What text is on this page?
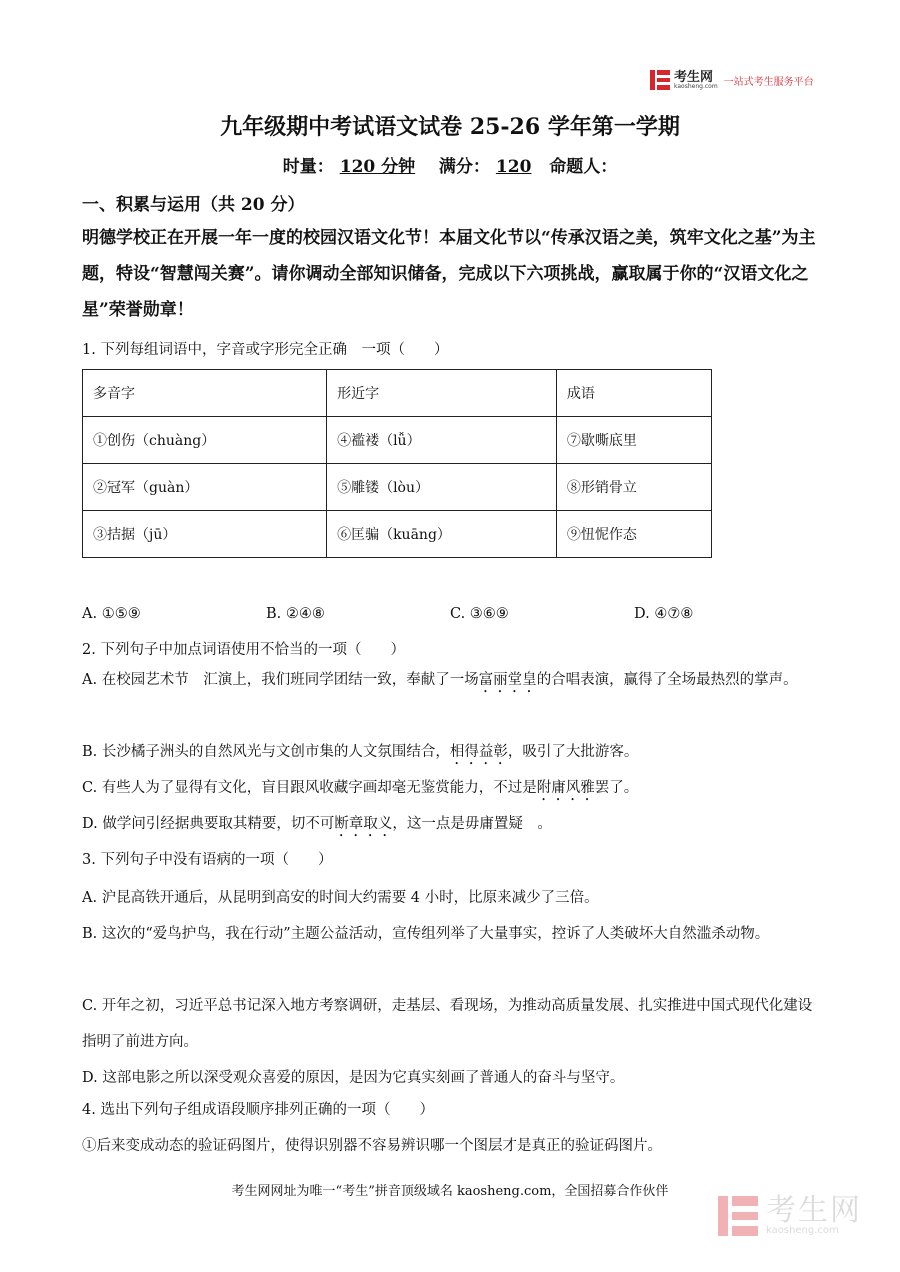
考生网
kaosheng.com 一站式考生服务平台
九年级期中考试语文试卷 25-26 学年第一学期
时量： 120 分钟 满分： 120 命题人：
一、积累与运用（共 20 分）
明德学校正在开展一年一度的校园汉语文化节！本届文化节以“传承汉语之美，筑牢文化之基”为主题，特设“智慧闯关赛”。请你调动全部知识储备，完成以下六项挑战，赢取属于你的“汉语文化之星”荣誉勋章！
1. 下列每组词语中，字音或字形完全正确　一项（　　）
多音字	形近字	成语
①创伤（chuàng）	④褴褛（lǚ）	⑦歇嘶底里
②冠军（guàn）	⑤雕镂（lòu）	⑧形销骨立
③拮据（jū）	⑥匡骗（kuāng）	⑨忸怩作态
A. ①⑤⑨	B. ②④⑧	C. ③⑥⑨	D. ④⑦⑧
2. 下列句子中加点词语使用不恰当的一项（　　）
A. 在校园艺术节　汇演上，我们班同学团结一致，奉献了一场富丽堂皇的合唱表演，赢得了全场最热烈的掌声。
B. 长沙橘子洲头的自然风光与文创市集的人文氛围结合，相得益彰，吸引了大批游客。
C. 有些人为了显得有文化，盲目跟风收藏字画却毫无鉴赏能力，不过是附庸风雅罢了。
D. 做学问引经据典要取其精要，切不可断章取义，这一点是毋庸置疑　。
3. 下列句子中没有语病的一项（　　）
A. 沪昆高铁开通后，从昆明到高安的时间大约需要 4 小时，比原来减少了三倍。
B. 这次的“爱鸟护鸟，我在行动”主题公益活动，宣传组列举了大量事实，控诉了人类破坏大自然滥杀动物。
C. 开年之初，习近平总书记深入地方考察调研，走基层、看现场，为推动高质量发展、扎实推进中国式现代化建设指明了前进方向。
D. 这部电影之所以深受观众喜爱的原因，是因为它真实刻画了普通人的奋斗与坚守。
4. 选出下列句子组成语段顺序排列正确的一项（　　）
①后来变成动态的验证码图片，使得识别器不容易辨识哪一个图层才是真正的验证码图片。
考生网网址为唯一“考生”拼音顶级域名 kaosheng.com，全国招募合作伙伴
考生网
kaosheng.com
